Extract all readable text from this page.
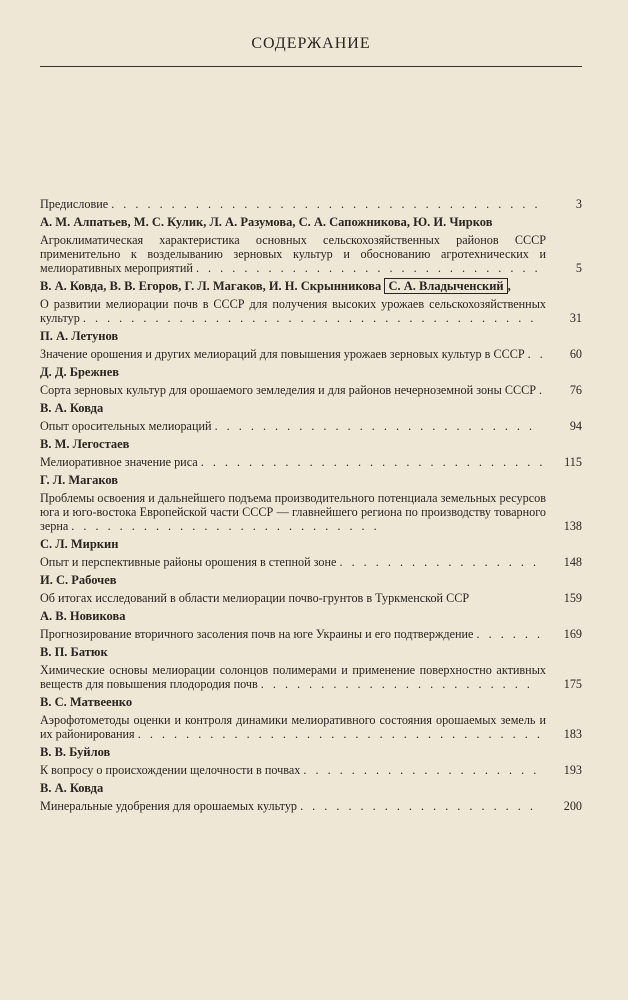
СОДЕРЖАНИЕ
Предисловие . . . . . . . . . . . . . . . . . . . . . . . . . . . . . . . . . . . .	3
А. М. Алпатьев, М. С. Кулик, Л. А. Разумова, С. А. Сапожникова, Ю. И. Чирков
Агроклиматическая характеристика основных сельскохозяйственных районов СССР применительно к возделыванию зерновых культур и обоснованию агротехнических и мелиоративных мероприятий . . . . . . . . . . . . . . . . . . . . . . . . . . . . .	5
В. А. Ковда, В. В. Егоров, Г. Л. Магаков, И. Н. Скрынникова С. А. Владыченский ,
О развитии мелиорации почв в СССР для получения высоких урожаев сельскохозяйственных культур . . . . . . . . . . . . . . . . . . . . . . . . . . . . . . . . . . . . . .	31
П. А. Летунов
Значение орошения и других мелиораций для повышения урожаев зерновых культур в СССР . .	60
Д. Д. Брежнев
Сорта зерновых культур для орошаемого земледелия и для районов нечерноземной зоны СССР .	76
В. А. Ковда
Опыт оросительных мелиораций . . . . . . . . . . . . . . . . . . . . . . . . . . .	94
В. М. Легостаев
Мелиоративное значение риса . . . . . . . . . . . . . . . . . . . . . . . . . . . . .	115
Г. Л. Магаков
Проблемы освоения и дальнейшего подъема производительного потенциала земельных ресурсов юга и юго-востока Европейской части СССР — главнейшего региона по производству товарного зерна . . . . . . . . . . . . . . . . . . . . . . . . . .	138
С. Л. Миркин
Опыт и перспективные районы орошения в степной зоне . . . . . . . . . . . . . . . . .	148
И. С. Рабочев
Об итогах исследований в области мелиорации почво-грунтов в Туркменской ССР	159
А. В. Новикова
Прогнозирование вторичного засоления почв на юге Украины и его подтверждение . . . . . .	169
В. П. Батюк
Химические основы мелиорации солонцов полимерами и применение поверхностно активных веществ для повышения плодородия почв . . . . . . . . . . . . . . . . . . . . . . .	175
В. С. Матвеенко
Аэрофотометоды оценки и контроля динамики мелиоративного состояния орошаемых земель и их районирования . . . . . . . . . . . . . . . . . . . . . . . . . . . . . . . . . .	183
В. В. Буйлов
К вопросу о происхождении щелочности в почвах . . . . . . . . . . . . . . . . . . . .	193
В. А. Ковда
Минеральные удобрения для орошаемых культур . . . . . . . . . . . . . . . . . . . .	200
